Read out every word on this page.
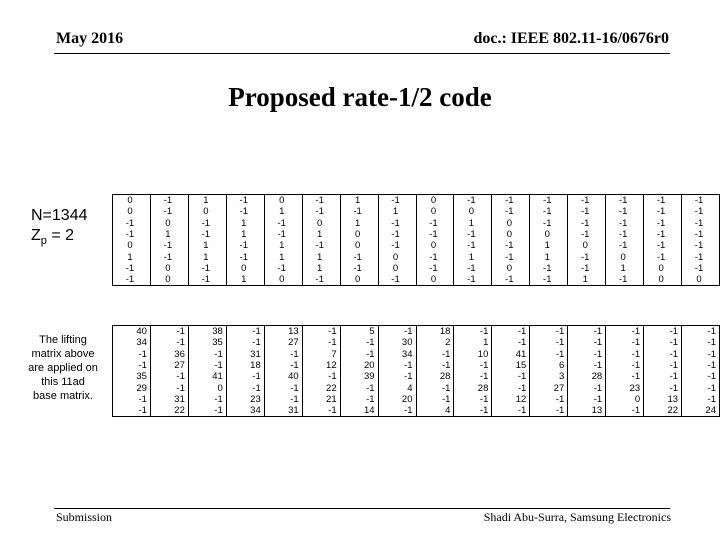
May 2016	doc.: IEEE 802.11-16/0676r0
Proposed rate-1/2 code
N=1344
$Z_p = 2$
The lifting matrix above are applied on this 11ad base matrix.
0	-1	1	-1	0	-1	1	-1	0	-1	-1	-1	-1	-1	-1	-1
0	-1	0	-1	1	-1	-1	1	0	0	-1	-1	-1	-1	-1	-1
-1	0	-1	1	-1	0	1	-1	-1	1	0	-1	-1	-1	-1	-1
-1	1	-1	1	-1	1	0	-1	-1	-1	0	0	-1	-1	-1	-1
0	-1	1	-1	1	-1	0	-1	0	-1	-1	1	0	-1	-1	-1
1	-1	1	-1	1	1	-1	0	-1	1	-1	1	-1	0	-1	-1
-1	0	-1	0	-1	1	-1	0	-1	-1	0	-1	-1	1	0	-1
-1	0	-1	1	0	-1	0	-1	0	-1	-1	-1	1	-1	0	0
40	-1	38	-1	13	-1	5	-1	18	-1	-1	-1	-1	-1	-1	-1
34	-1	35	-1	27	-1	-1	30	2	1	-1	-1	-1	-1	-1	-1
-1	36	-1	31	-1	7	-1	34	-1	10	41	-1	-1	-1	-1	-1
-1	27	-1	18	-1	12	20	-1	-1	-1	15	6	-1	-1	-1	-1
35	-1	41	-1	40	-1	39	-1	28	-1	-1	3	28	-1	-1	-1
29	-1	0	-1	-1	22	-1	4	-1	28	-1	27	-1	23	-1	-1
-1	31	-1	23	-1	21	-1	20	-1	-1	12	-1	-1	0	13	-1
-1	22	-1	34	31	-1	14	-1	4	-1	-1	-1	13	-1	22	24
Submission	Shadi Abu-Surra, Samsung Electronics
